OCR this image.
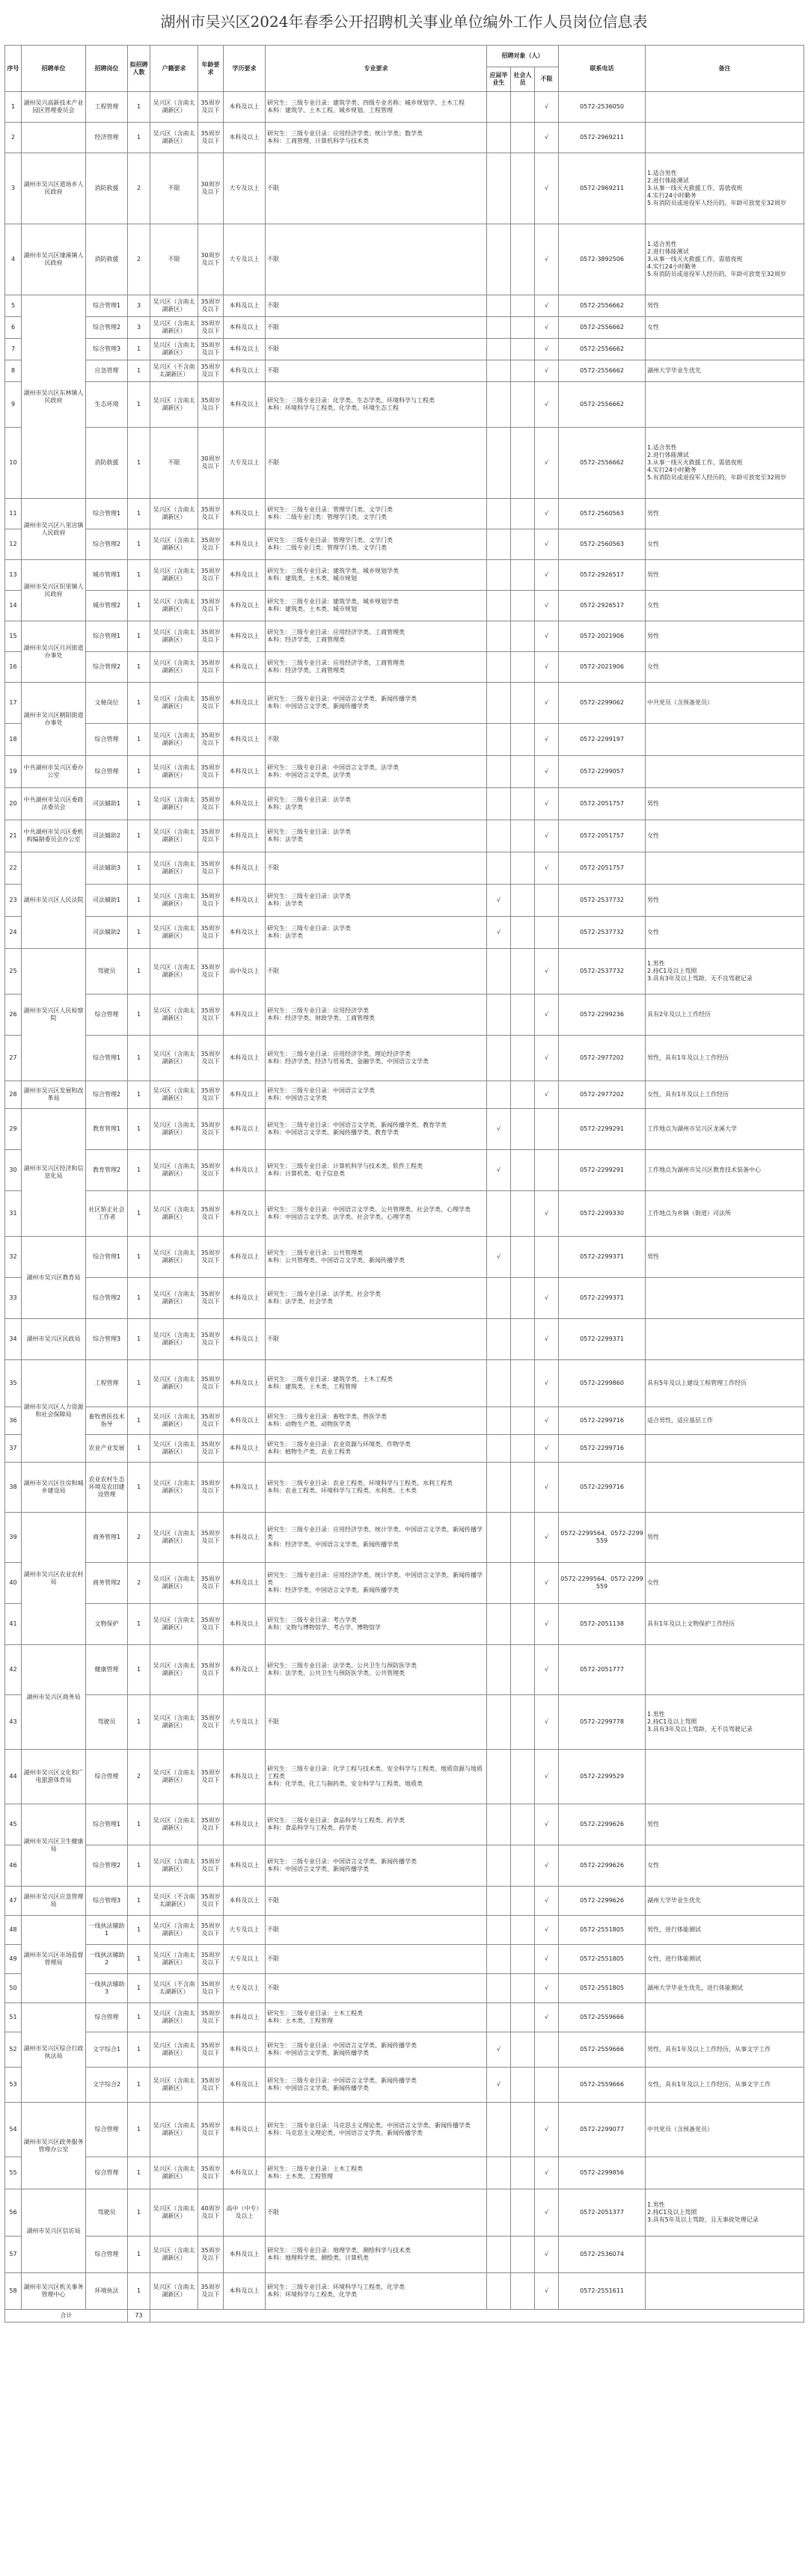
湖州市吴兴区2024年春季公开招聘机关事业单位编外工作人员岗位信息表
序号	招聘单位	招聘岗位	拟招聘人数	户籍要求	年龄要求	学历要求	专业要求	招聘对象（人）			联系电话	备注
								应届毕业生	社会人员	不限		
1	湖州吴兴高新技术产业园区管理委员会	工程管理	1	吴兴区（含南太湖新区）	35周岁及以下	本科及以上	研究生：三级专业目录：建筑学类；四级专业名称：城乡规划学、土木工程
本科：建筑学、土木工程、城乡规划、工程管理			√	0572-2536050	
2		经济管理	1	吴兴区（含南太湖新区）	35周岁及以下	本科及以上	研究生：三级专业目录：应用经济学类；统计学类；数学类
本科：工商管理、计算机科学与技术类			√	0572-2969211	
3	湖州市吴兴区道场乡人民政府	消防救援	2	不限	30周岁及以下	大专及以上	不限			√	0572-2969211	1.适合男性
2.进行体能测试
3.从事一线灭火救援工作，需值夜班
4.实行24小时勤务
5.有消防员或退役军人经历的，年龄可放宽至32周岁
4	湖州市吴兴区埭溪镇人民政府	消防救援	2	不限	30周岁及以下	大专及以上	不限			√	0572-3892506	1.适合男性
2.进行体能测试
3.从事一线灭火救援工作，需值夜班
4.实行24小时勤务
5.有消防员或退役军人经历的，年龄可放宽至32周岁
5	湖州市吴兴区东林镇人民政府	综合管理1	3	吴兴区（含南太湖新区）	35周岁及以下	本科及以上	不限			√	0572-2556662	男性
6		综合管理2	3	吴兴区（含南太湖新区）	35周岁及以下	本科及以上	不限			√	0572-2556662	女性
7		综合管理3	1	吴兴区（含南太湖新区）	35周岁及以下	本科及以上	不限			√	0572-2556662	
8		应急管理	1	吴兴区（不含南太湖新区）	35周岁及以下	本科及以上	不限			√	0572-2556662	湖州大学毕业生优先
9		生态环境	1	吴兴区（含南太湖新区）	35周岁及以下	本科及以上	研究生：三级专业目录：化学类、生态学类、环境科学与工程类
本科：环境科学与工程类、化学类、环境生态工程			√	0572-2556662	
10		消防救援	1	不限	30周岁及以下	大专及以上	不限			√	0572-2556662	1.适合男性
2.进行体能测试
3.从事一线灭火救援工作，需值夜班
4.实行24小时勤务
5.有消防员或退役军人经历的，年龄可放宽至32周岁
11	湖州市吴兴区八里店镇人民政府	综合管理1	1	吴兴区（含南太湖新区）	35周岁及以下	本科及以上	研究生：三级专业目录：管理学门类、文学门类
本科：二级专业门类：管理学门类、文学门类			√	0572-2560563	男性
12		综合管理2	1	吴兴区（含南太湖新区）	35周岁及以下	本科及以上	研究生：三级专业目录：管理学门类、文学门类
本科：二级专业门类：管理学门类、文学门类			√	0572-2560563	女性
13	湖州市吴兴区织里镇人民政府	城市管理1	1	吴兴区（含南太湖新区）	35周岁及以下	本科及以上	研究生：三级专业目录：建筑学类、城乡规划学类
本科：建筑类、土木类、城市规划			√	0572-2926517	男性
14		城市管理2	1	吴兴区（含南太湖新区）	35周岁及以下	本科及以上	研究生：三级专业目录：建筑学类、城乡规划学类
本科：建筑类、土木类、城市规划			√	0572-2926517	女性
15	湖州市吴兴区月河街道办事处	综合管理1	1	吴兴区（含南太湖新区）	35周岁及以下	本科及以上	研究生：三级专业目录：应用经济学类、工商管理类
本科：经济学类、工商管理类			√	0572-2021906	男性
16		综合管理2	1	吴兴区（含南太湖新区）	35周岁及以下	本科及以上	研究生：三级专业目录：应用经济学类、工商管理类
本科：经济学类、工商管理类			√	0572-2021906	女性
17	湖州市吴兴区朝阳街道办事处	文秘岗位	1	吴兴区（含南太湖新区）	35周岁及以下	本科及以上	研究生：三级专业目录：中国语言文学类、新闻传播学类
本科：中国语言文学类、新闻传播学类			√	0572-2299062	中共党员（含预备党员）
18		综合管理	1	吴兴区（含南太湖新区）	35周岁及以下	本科及以上	不限			√	0572-2299197	
19	中共湖州市吴兴区委办公室	综合管理	1	吴兴区（含南太湖新区）	35周岁及以下	本科及以上	研究生：三级专业目录：中国语言文学类、法学类
本科：中国语言文学类、法学类			√	0572-2299057	
20	中共湖州市吴兴区委政法委员会	司法辅助1	1	吴兴区（含南太湖新区）	35周岁及以下	本科及以上	研究生：三级专业目录：法学类
本科：法学类			√	0572-2051757	男性
21	中共湖州市吴兴区委机构编制委员会办公室	司法辅助2	1	吴兴区（含南太湖新区）	35周岁及以下	本科及以上	研究生：三级专业目录：法学类
本科：法学类			√	0572-2051757	女性
22	湖州市吴兴区人民法院	司法辅助3	1	吴兴区（含南太湖新区）	35周岁及以下	本科及以上	不限			√	0572-2051757	
23		司法辅助1	1	吴兴区（含南太湖新区）	35周岁及以下	本科及以上	研究生：三级专业目录：法学类
本科：法学类	√			0572-2537732	男性
24		司法辅助2	1	吴兴区（含南太湖新区）	35周岁及以下	本科及以上	研究生：三级专业目录：法学类
本科：法学类	√			0572-2537732	女性
25	湖州市吴兴区人民检察院	驾驶员	1	吴兴区（含南太湖新区）	35周岁及以下	高中及以上	不限			√	0572-2537732	1.男性
2.持C1及以上驾照
3.具有3年及以上驾龄，无不良驾驶记录
26		综合管理	1	吴兴区（含南太湖新区）	35周岁及以下	本科及以上	研究生：三级专业目录：应用经济学类
本科：经济学类、财政学类、工商管理类			√	0572-2299236	具有2年及以上工作经历
27		综合管理1	1	吴兴区（含南太湖新区）	35周岁及以下	本科及以上	研究生：三级专业目录：应用经济学类、理论经济学类
本科：经济学类、经济与贸易类、金融学类、中国语言文学类			√	0572-2977202	男性，具有1年及以上工作经历
28	湖州市吴兴区发展和改革局	综合管理2	1	吴兴区（含南太湖新区）	35周岁及以下	本科及以上	研究生：三级专业目录：中国语言文学类
本科：中国语言文学类			√	0572-2977202	女性，具有1年及以上工作经历
29	湖州市吴兴区经济和信息化局	教育管理1	1	吴兴区（含南太湖新区）	35周岁及以下	本科及以上	研究生：三级专业目录：中国语言文学类、新闻传播学类、教育学类
本科：中国语言文学类、新闻传播学类、教育学类	√			0572-2299291	工作地点为湖州市吴兴区龙溪大学
30		教育管理2	1	吴兴区（含南太湖新区）	35周岁及以下	本科及以上	研究生：三级专业目录：计算机科学与技术类、软件工程类
本科：计算机类、电子信息类	√			0572-2299291	工作地点为湖州市吴兴区教育技术装备中心
31		社区矫正社会工作者	1	吴兴区（含南太湖新区）	35周岁及以下	本科及以上	研究生：三级专业目录：中国语言文学类、公共管理类、社会学类、心理学类
本科：中国语言文学类、法学类、社会学类、心理学类			√	0572-2299330	工作地点为乡镇（街道）司法所
32	湖州市吴兴区教育局	综合管理1	1	吴兴区（含南太湖新区）	35周岁及以下	本科及以上	研究生：三级专业目录：公共管理类
本科：公共管理类、中国语言文学类、新闻传播学类	√			0572-2299371	男性
33		综合管理2	1	吴兴区（含南太湖新区）	35周岁及以下	本科及以上	研究生：三级专业目录：法学类、社会学类
本科：法学类、社会学类			√	0572-2299371	
34	湖州市吴兴区民政局	综合管理3	1	吴兴区（含南太湖新区）	35周岁及以下	本科及以上	不限			√	0572-2299371	
35	湖州市吴兴区人力资源和社会保障局	工程管理	1	吴兴区（含南太湖新区）	35周岁及以下	本科及以上	研究生：三级专业目录：建筑学类、土木工程类
本科：建筑类、土木类、工程管理			√	0572-2299860	具有5年及以上建设工程管理工作经历
36		畜牧兽医技术指导	1	吴兴区（含南太湖新区）	35周岁及以下	本科及以上	研究生：三级专业目录：畜牧学类、兽医学类
本科：动物生产类、动物医学类			√	0572-2299716	适合男性，适应基层工作
37		农业产业发展	1	吴兴区（含南太湖新区）	35周岁及以下	本科及以上	研究生：三级专业目录：农业资源与环境类、作物学类
本科：植物生产类、农业工程类			√	0572-2299716	
38	湖州市吴兴区住房和城乡建设局	农业农村生态环境及农田建设管理	1	吴兴区（含南太湖新区）	35周岁及以下	本科及以上	研究生：三级专业目录：农业工程类、环境科学与工程类、水利工程类
本科：农业工程类、环境科学与工程类、水利类、土木类			√	0572-2299716	
39	湖州市吴兴区农业农村局	商务管理1	2	吴兴区（含南太湖新区）	35周岁及以下	本科及以上	研究生：三级专业目录：应用经济学类、统计学类、中国语言文学类、新闻传播学类
本科：经济学类、中国语言文学类、新闻传播学类			√	0572-2299564、0572-2299559	男性
40		商务管理2	2	吴兴区（含南太湖新区）	35周岁及以下	本科及以上	研究生：三级专业目录：应用经济学类、统计学类、中国语言文学类、新闻传播学类
本科：经济学类、中国语言文学类、新闻传播学类			√	0572-2299564、0572-2299559	女性
41		文物保护	1	吴兴区（含南太湖新区）	35周岁及以下	本科及以上	研究生：三级专业目录：考古学类
本科：文物与博物馆学、考古学、博物馆学			√	0572-2051138	具有1年及以上文物保护工作经历
42	湖州市吴兴区商务局	健康管理	1	吴兴区（含南太湖新区）	35周岁及以下	本科及以上	研究生：三级专业目录：法学类、公共卫生与预防医学类
本科：法学类、公共卫生与预防医学类、公共管理类			√	0572-2051777	
43		驾驶员	1	吴兴区（含南太湖新区）	35周岁及以下	大专及以上	不限			√	0572-2299778	1.男性
2.持C1及以上驾照
3.具有3年及以上驾龄，无不良驾驶记录
44	湖州市吴兴区文化和广电旅游体育局	综合管理	2	吴兴区（含南太湖新区）	35周岁及以下	本科及以上	研究生：三级专业目录：化学工程与技术类、安全科学与工程类、地质资源与地质工程类
本科：化学类、化工与制药类、安全科学与工程类、地质类			√	0572-2299529	
45	湖州市吴兴区卫生健康局	综合管理1	1	吴兴区（含南太湖新区）	35周岁及以下	本科及以上	研究生：三级专业目录：食品科学与工程类、药学类
本科：食品科学与工程类、药学类			√	0572-2299626	男性
46		综合管理2	1	吴兴区（含南太湖新区）	35周岁及以下	本科及以上	研究生：三级专业目录：中国语言文学类、新闻传播学类
本科：中国语言文学类、新闻传播学类			√	0572-2299626	女性
47	湖州市吴兴区应急管理局	综合管理3	1	吴兴区（不含南太湖新区）	35周岁及以下	本科及以上	不限			√	0572-2299626	湖州大学毕业生优先
48	湖州市吴兴区市场监督管理局	一线执法辅助1	1	吴兴区（含南太湖新区）	35周岁及以下	大专及以上	不限			√	0572-2551805	男性，进行体能测试
49		一线执法辅助2	1	吴兴区（含南太湖新区）	35周岁及以下	大专及以上	不限			√	0572-2551805	女性，进行体能测试
50		一线执法辅助3	1	吴兴区（不含南太湖新区）	35周岁及以下	大专及以上	不限			√	0572-2551805	湖州大学毕业生优先，进行体能测试
51	湖州市吴兴区综合行政执法局	综合管理	1	吴兴区（含南太湖新区）	35周岁及以下	本科及以上	研究生：三级专业目录：土木工程类
本科：土木类、工程管理			√	0572-2559666	
52		文字综合1	1	吴兴区（含南太湖新区）	35周岁及以下	本科及以上	研究生：三级专业目录：中国语言文学类、新闻传播学类
本科：中国语言文学类、新闻传播学类	√			0572-2559666	男性，具有1年及以上工作经历，从事文字工作
53		文字综合2	1	吴兴区（含南太湖新区）	35周岁及以下	本科及以上	研究生：三级专业目录：中国语言文学类、新闻传播学类
本科：中国语言文学类、新闻传播学类	√			0572-2559666	女性，具有1年及以上工作经历，从事文字工作
54	湖州市吴兴区政务服务管理办公室	综合管理	1	吴兴区（含南太湖新区）	35周岁及以下	本科及以上	研究生：三级专业目录：马克思主义理论类、中国语言文学类、新闻传播学类
本科：马克思主义理论类、中国语言文学类、新闻传播学类			√	0572-2299077	中共党员（含预备党员）
55		综合管理	1	吴兴区（含南太湖新区）	35周岁及以下	本科及以上	研究生：三级专业目录：土木工程类
本科：土木类、工程管理			√	0572-2299856	
56	湖州市吴兴区信访局	驾驶员	1	吴兴区（含南太湖新区）	40周岁及以下	高中（中专）及以上	不限			√	0572-2051377	1.男性
2.持C1及以上驾照
3.具有5年及以上驾龄，且无事故处理记录
57		综合管理	1	吴兴区（含南太湖新区）	35周岁及以下	本科及以上	研究生：三级专业目录：地理学类、测绘科学与技术类
本科：地理科学类、测绘类、计算机类			√	0572-2536074	
58	湖州市吴兴区机关事务管理中心	环境执法	1	吴兴区（含南太湖新区）	35周岁及以下	本科及以上	研究生：三级专业目录：环境科学与工程类、化学类
本科：环境科学与工程类、化学类			√	0572-2551611	
合计			73									
